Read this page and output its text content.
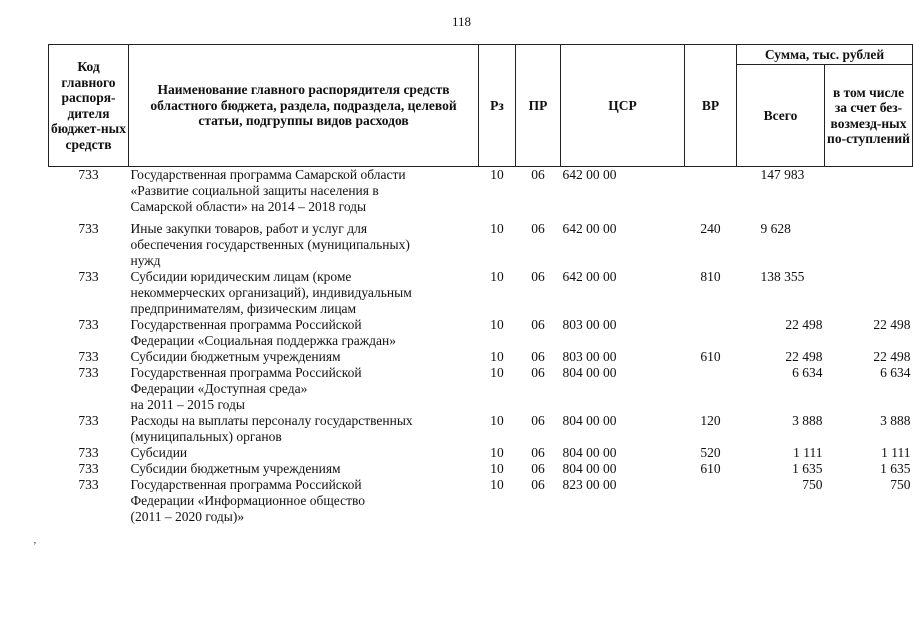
118
’
Код главного распоря-дителя бюджет-ных средств	Наименование главного распорядителя средств областного бюджета, раздела, подраздела, целевой статьи, подгруппы видов расходов	Рз	ПР	ЦСР	ВР	Сумма, тыс. рублей	
						Всего	в том числе за счет без-возмезд-ных по-ступлений
733	Государственная программа Самарской области
«Развитие социальной защиты населения в
Самарской области» на 2014 – 2018 годы	10	06	642 00 00		147 983	
733	Иные закупки товаров, работ и услуг для
обеспечения государственных (муниципальных)
нужд	10	06	642 00 00	240	9 628	
733	Субсидии юридическим лицам (кроме
некоммерческих организаций), индивидуальным
предпринимателям, физическим лицам	10	06	642 00 00	810	138 355	
733	Государственная программа Российской
Федерации «Социальная поддержка граждан»	10	06	803 00 00		22 498	22 498
733	Субсидии бюджетным учреждениям	10	06	803 00 00	610	22 498	22 498
733	Государственная программа Российской
Федерации «Доступная среда»
на 2011 – 2015 годы	10	06	804 00 00		6 634	6 634
733	Расходы на выплаты персоналу государственных
(муниципальных) органов	10	06	804 00 00	120	3 888	3 888
733	Субсидии	10	06	804 00 00	520	1 111	1 111
733	Субсидии бюджетным учреждениям	10	06	804 00 00	610	1 635	1 635
733	Государственная программа Российской
Федерации «Информационное общество
(2011 – 2020 годы)»	10	06	823 00 00		750	750
